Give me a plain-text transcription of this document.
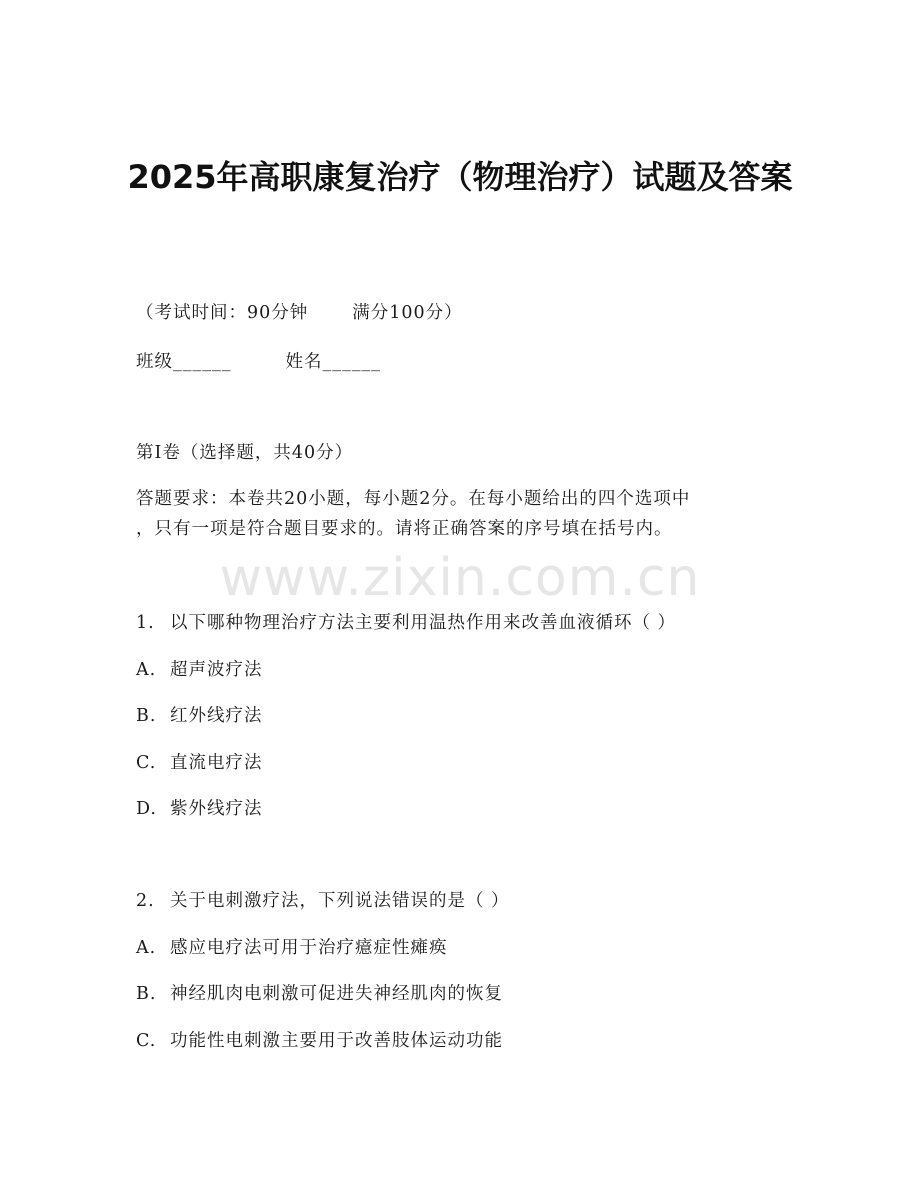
www.zixin.com.cn
2025年高职康复治疗（物理治疗）试题及答案
（考试时间：90分钟	满分100分）
班级______	姓名______
第I卷（选择题，共40分）
答题要求：本卷共20小题，每小题2分。在每小题给出的四个选项中
，只有一项是符合题目要求的。请将正确答案的序号填在括号内。
1. 以下哪种物理治疗方法主要利用温热作用来改善血液循环（ ）
A. 超声波疗法
B. 红外线疗法
C. 直流电疗法
D. 紫外线疗法
2. 关于电刺激疗法，下列说法错误的是（ ）
A. 感应电疗法可用于治疗癔症性瘫痪
B. 神经肌肉电刺激可促进失神经肌肉的恢复
C. 功能性电刺激主要用于改善肢体运动功能
